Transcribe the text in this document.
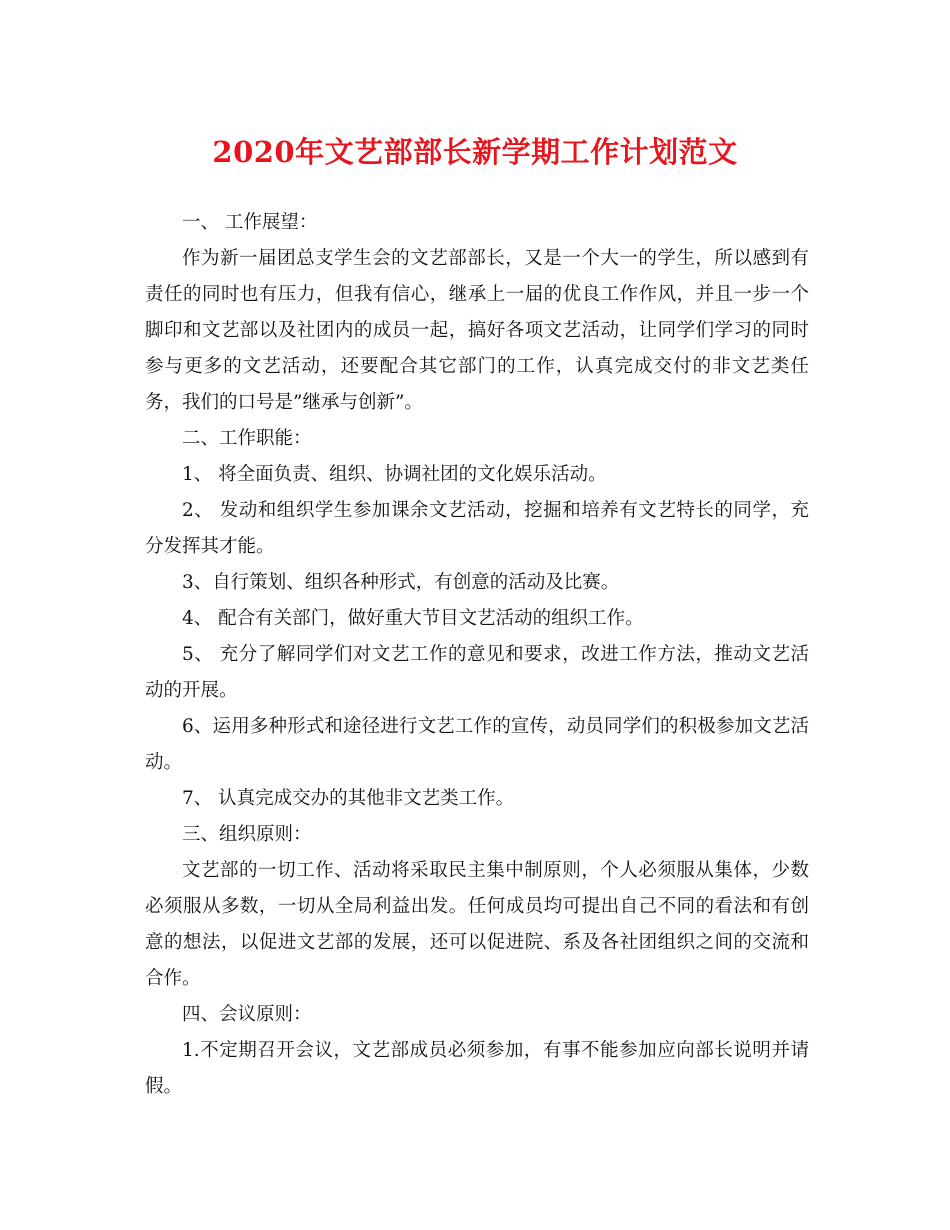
2020年文艺部部长新学期工作计划范文

一、 工作展望：

作为新一届团总支学生会的文艺部部长，又是一个大一的学生，所以感到有责任的同时也有压力，但我有信心，继承上一届的优良工作作风，并且一步一个脚印和文艺部以及社团内的成员一起，搞好各项文艺活动，让同学们学习的同时参与更多的文艺活动，还要配合其它部门的工作，认真完成交付的非文艺类任务，我们的口号是”继承与创新”。

二、工作职能：

1、 将全面负责、组织、协调社团的文化娱乐活动。

2、 发动和组织学生参加课余文艺活动，挖掘和培养有文艺特长的同学，充分发挥其才能。

3、自行策划、组织各种形式，有创意的活动及比赛。

4、 配合有关部门，做好重大节目文艺活动的组织工作。

5、 充分了解同学们对文艺工作的意见和要求，改进工作方法，推动文艺活动的开展。

6、运用多种形式和途径进行文艺工作的宣传，动员同学们的积极参加文艺活动。

7、 认真完成交办的其他非文艺类工作。

三、组织原则：

文艺部的一切工作、活动将采取民主集中制原则，个人必须服从集体，少数必须服从多数，一切从全局利益出发。任何成员均可提出自己不同的看法和有创意的想法，以促进文艺部的发展，还可以促进院、系及各社团组织之间的交流和合作。

四、会议原则：

1.不定期召开会议，文艺部成员必须参加，有事不能参加应向部长说明并请假。
